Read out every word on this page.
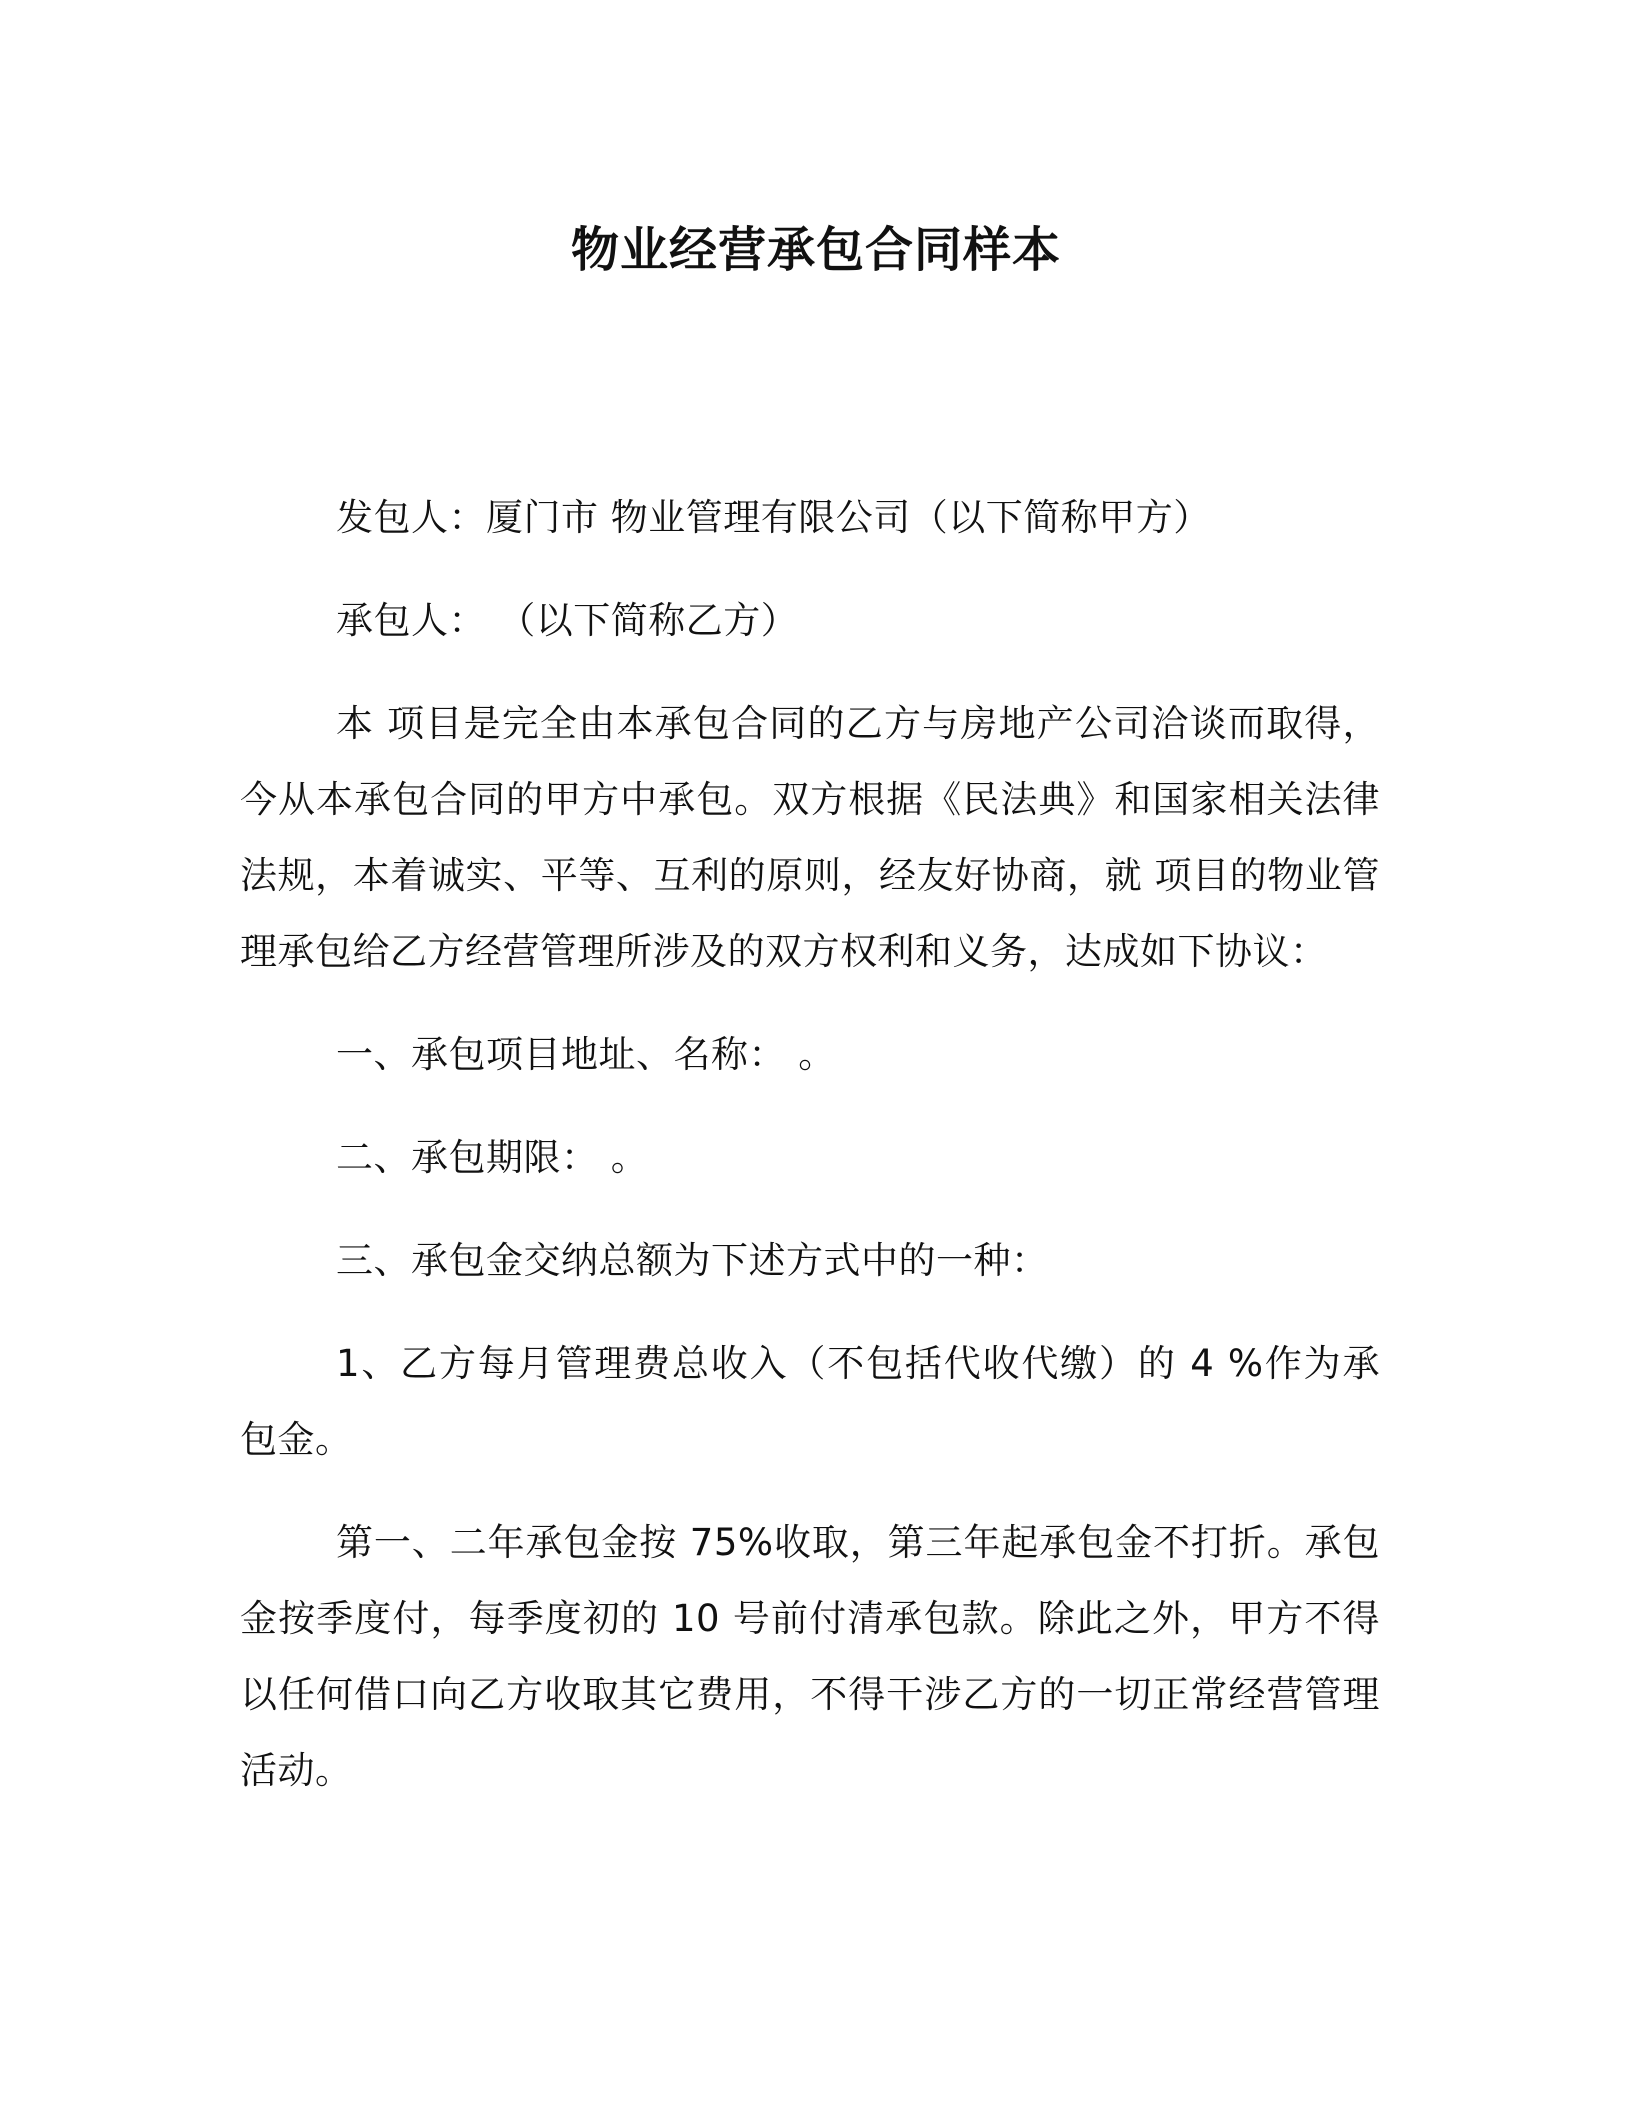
物业经营承包合同样本

发包人：厦门市 物业管理有限公司（以下简称甲方）

承包人： （以下简称乙方）

本 项目是完全由本承包合同的乙方与房地产公司洽谈而取得，今从本承包合同的甲方中承包。双方根据《民法典》和国家相关法律法规，本着诚实、平等、互利的原则，经友好协商，就 项目的物业管理承包给乙方经营管理所涉及的双方权利和义务，达成如下协议：

一、承包项目地址、名称： 。

二、承包期限： 。

三、承包金交纳总额为下述方式中的一种：

1、乙方每月管理费总收入（不包括代收代缴）的 4 %作为承包金。

第一、二年承包金按 75%收取，第三年起承包金不打折。承包金按季度付，每季度初的 10 号前付清承包款。除此之外，甲方不得以任何借口向乙方收取其它费用，不得干涉乙方的一切正常经营管理活动。
